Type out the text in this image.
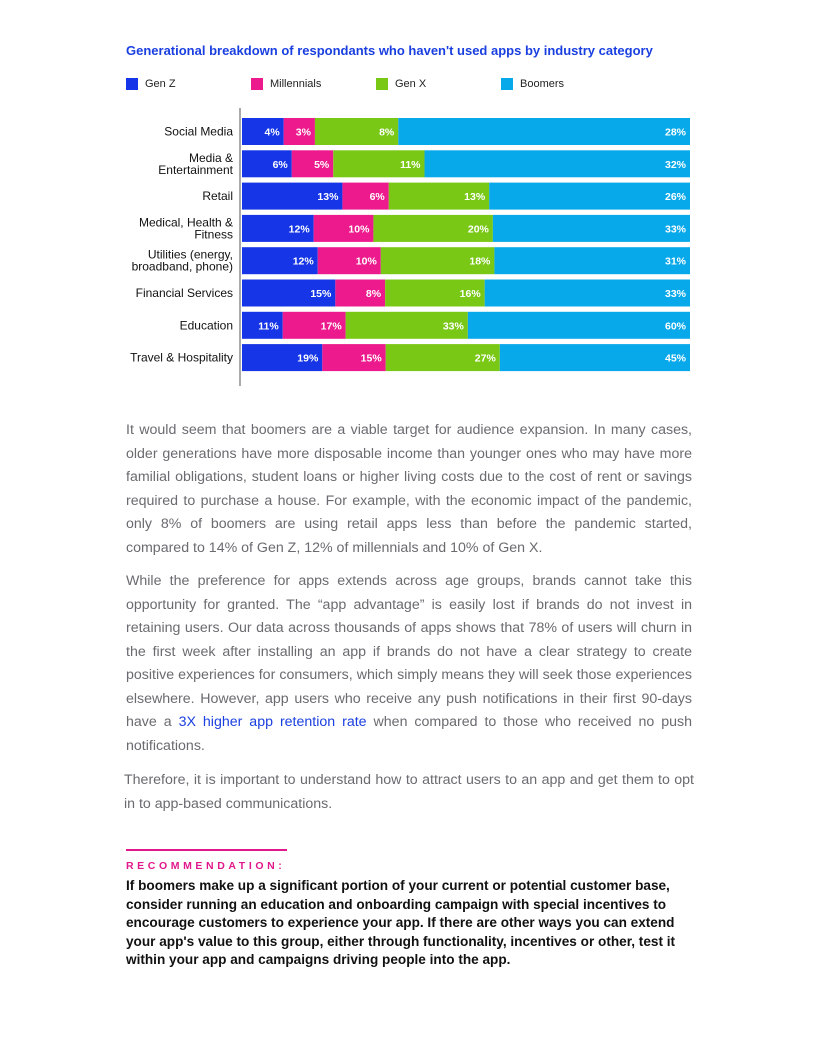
Generational breakdown of respondants who haven't used apps by industry category
Gen Z	Millennials	Gen X	Boomers
4% 3%	8%	28%
Social Media
6%	5%	11%	32%
Media &
Entertainment
13%	6%	13%	26%
Retail
12%	10%	20%	33%
Medical, Health &
Fitness
12%	10%	18%	31%
Utilities (energy,
broadband, phone)
15%	8%	16%	33%
Financial Services
11%	17%	33%	60%
Education
19%	15%	27%	45%
Travel & Hospitality

It would seem that boomers are a viable target for audience expansion. In many cases, older generations have more disposable income than younger ones who may have more familial obligations, student loans or higher living costs due to the cost of rent or savings required to purchase a house. For example, with the economic impact of the pandemic, only 8% of boomers are using retail apps less than before the pandemic started, compared to 14% of Gen Z, 12% of millennials and 10% of Gen X.

While the preference for apps extends across age groups, brands cannot take this opportunity for granted. The “app advantage” is easily lost if brands do not invest in retaining users. Our data across thousands of apps shows that 78% of users will churn in the first week after installing an app if brands do not have a clear strategy to create positive experiences for consumers, which simply means they will seek those experiences elsewhere. However, app users who receive any push notifications in their first 90-days have a 3X higher app retention rate when compared to those who received no push notifications.

Therefore, it is important to understand how to attract users to an app and get them to opt in to app-based communications.

RECOMMENDATION:

If boomers make up a significant portion of your current or potential customer base, consider running an education and onboarding campaign with special incentives to encourage customers to experience your app. If there are other ways you can extend your app's value to this group, either through functionality, incentives or other, test it within your app and campaigns driving people into the app.
